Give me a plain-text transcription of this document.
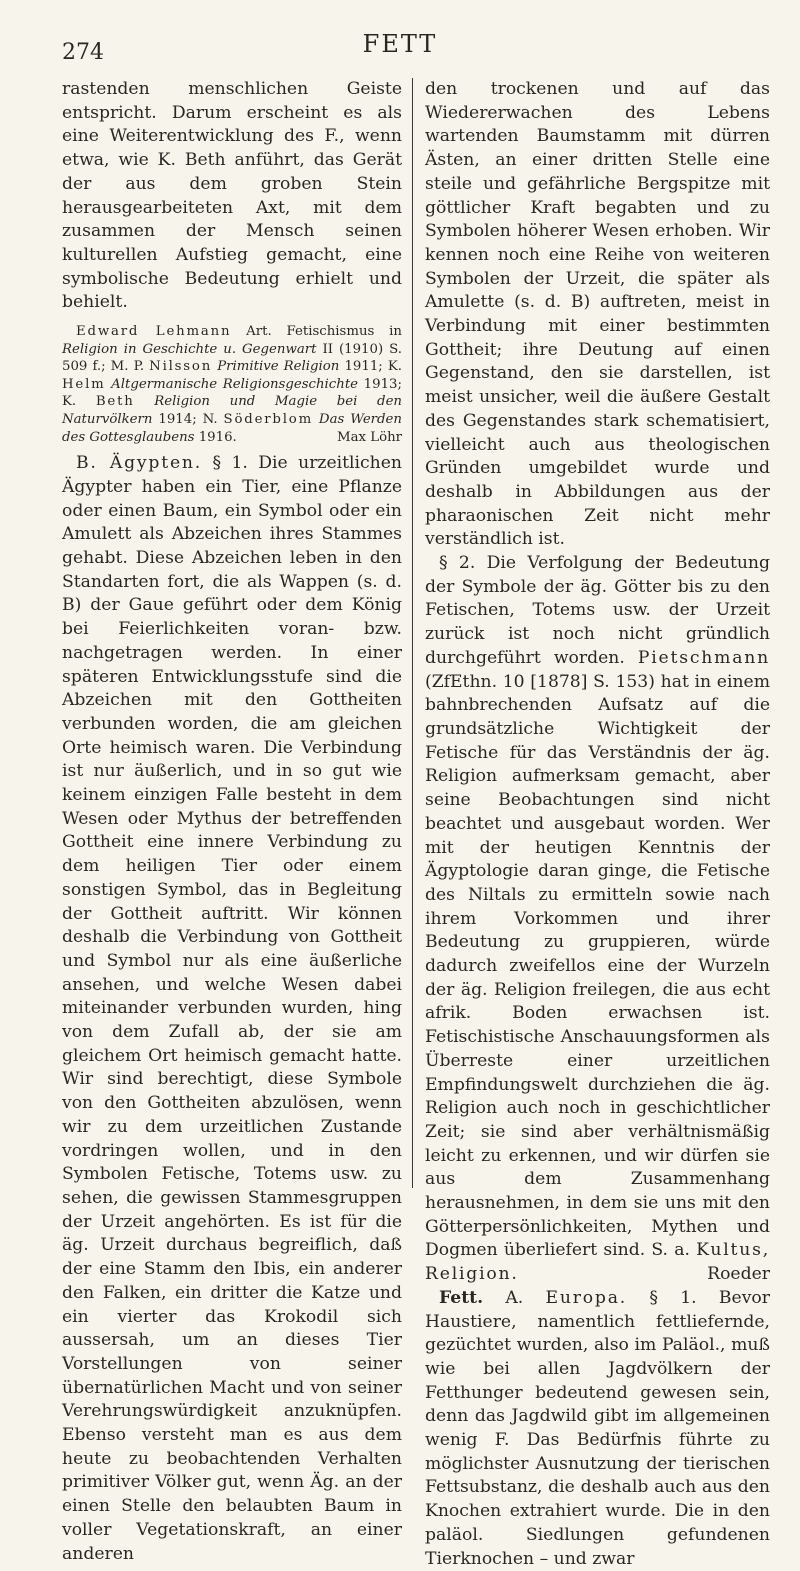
274	FETT

rastenden menschlichen Geiste entspricht. Darum erscheint es als eine Weiterentwicklung des F., wenn etwa, wie K. Beth anführt, das Gerät der aus dem groben Stein herausgearbeiteten Axt, mit dem zusammen der Mensch seinen kulturellen Aufstieg gemacht, eine symbolische Bedeutung erhielt und behielt.

Edward Lehmann Art. Fetischismus in Religion in Geschichte u. Gegenwart II (1910) S. 509 f.; M. P. Nilsson Primitive Religion 1911; K. Helm Altgermanische Religionsgeschichte 1913; K. Beth Religion und Magie bei den Naturvölkern 1914; N. Söderblom Das Werden des Gottesglaubens 1916.	Max Löhr

B. Ägypten. § 1. Die urzeitlichen Ägypter haben ein Tier, eine Pflanze oder einen Baum, ein Symbol oder ein Amulett als Abzeichen ihres Stammes gehabt. Diese Abzeichen leben in den Standarten fort, die als Wappen (s. d. B) der Gaue geführt oder dem König bei Feierlichkeiten voran- bzw. nachgetragen werden. In einer späteren Entwicklungsstufe sind die Abzeichen mit den Gottheiten verbunden worden, die am gleichen Orte heimisch waren. Die Verbindung ist nur äußerlich, und in so gut wie keinem einzigen Falle besteht in dem Wesen oder Mythus der betreffenden Gottheit eine innere Verbindung zu dem heiligen Tier oder einem sonstigen Symbol, das in Begleitung der Gottheit auftritt. Wir können deshalb die Verbindung von Gottheit und Symbol nur als eine äußerliche ansehen, und welche Wesen dabei miteinander verbunden wurden, hing von dem Zufall ab, der sie am gleichem Ort heimisch gemacht hatte. Wir sind berechtigt, diese Symbole von den Gottheiten abzulösen, wenn wir zu dem urzeitlichen Zustande vordringen wollen, und in den Symbolen Fetische, Totems usw. zu sehen, die gewissen Stammesgruppen der Urzeit angehörten. Es ist für die äg. Urzeit durchaus begreiflich, daß der eine Stamm den Ibis, ein anderer den Falken, ein dritter die Katze und ein vierter das Krokodil sich aussersah, um an dieses Tier Vorstellungen von seiner übernatürlichen Macht und von seiner Verehrungswürdigkeit anzuknüpfen. Ebenso versteht man es aus dem heute zu beobachtenden Verhalten primitiver Völker gut, wenn Äg. an der einen Stelle den belaubten Baum in voller Vegetationskraft, an einer anderen

den trockenen und auf das Wiedererwachen des Lebens wartenden Baumstamm mit dürren Ästen, an einer dritten Stelle eine steile und gefährliche Bergspitze mit göttlicher Kraft begabten und zu Symbolen höherer Wesen erhoben. Wir kennen noch eine Reihe von weiteren Symbolen der Urzeit, die später als Amulette (s. d. B) auftreten, meist in Verbindung mit einer bestimmten Gottheit; ihre Deutung auf einen Gegenstand, den sie darstellen, ist meist unsicher, weil die äußere Gestalt des Gegenstandes stark schematisiert, vielleicht auch aus theologischen Gründen umgebildet wurde und deshalb in Abbildungen aus der pharaonischen Zeit nicht mehr verständlich ist.

§ 2. Die Verfolgung der Bedeutung der Symbole der äg. Götter bis zu den Fetischen, Totems usw. der Urzeit zurück ist noch nicht gründlich durchgeführt worden. Pietschmann (ZfEthn. 10 [1878] S. 153) hat in einem bahnbrechenden Aufsatz auf die grundsätzliche Wichtigkeit der Fetische für das Verständnis der äg. Religion aufmerksam gemacht, aber seine Beobachtungen sind nicht beachtet und ausgebaut worden. Wer mit der heutigen Kenntnis der Ägyptologie daran ginge, die Fetische des Niltals zu ermitteln sowie nach ihrem Vorkommen und ihrer Bedeutung zu gruppieren, würde dadurch zweifellos eine der Wurzeln der äg. Religion freilegen, die aus echt afrik. Boden erwachsen ist. Fetischistische Anschauungsformen als Überreste einer urzeitlichen Empfindungswelt durchziehen die äg. Religion auch noch in geschichtlicher Zeit; sie sind aber verhältnismäßig leicht zu erkennen, und wir dürfen sie aus dem Zusammenhang herausnehmen, in dem sie uns mit den Götterpersönlichkeiten, Mythen und Dogmen überliefert sind. S. a. Kultus, Religion.	Roeder

Fett. A. Europa. § 1. Bevor Haustiere, namentlich fettliefernde, gezüchtet wurden, also im Paläol., muß wie bei allen Jagdvölkern der Fetthunger bedeutend gewesen sein, denn das Jagdwild gibt im allgemeinen wenig F. Das Bedürfnis führte zu möglichster Ausnutzung der tierischen Fettsubstanz, die deshalb auch aus den Knochen extrahiert wurde. Die in den paläol. Siedlungen gefundenen Tierknochen – und zwar
